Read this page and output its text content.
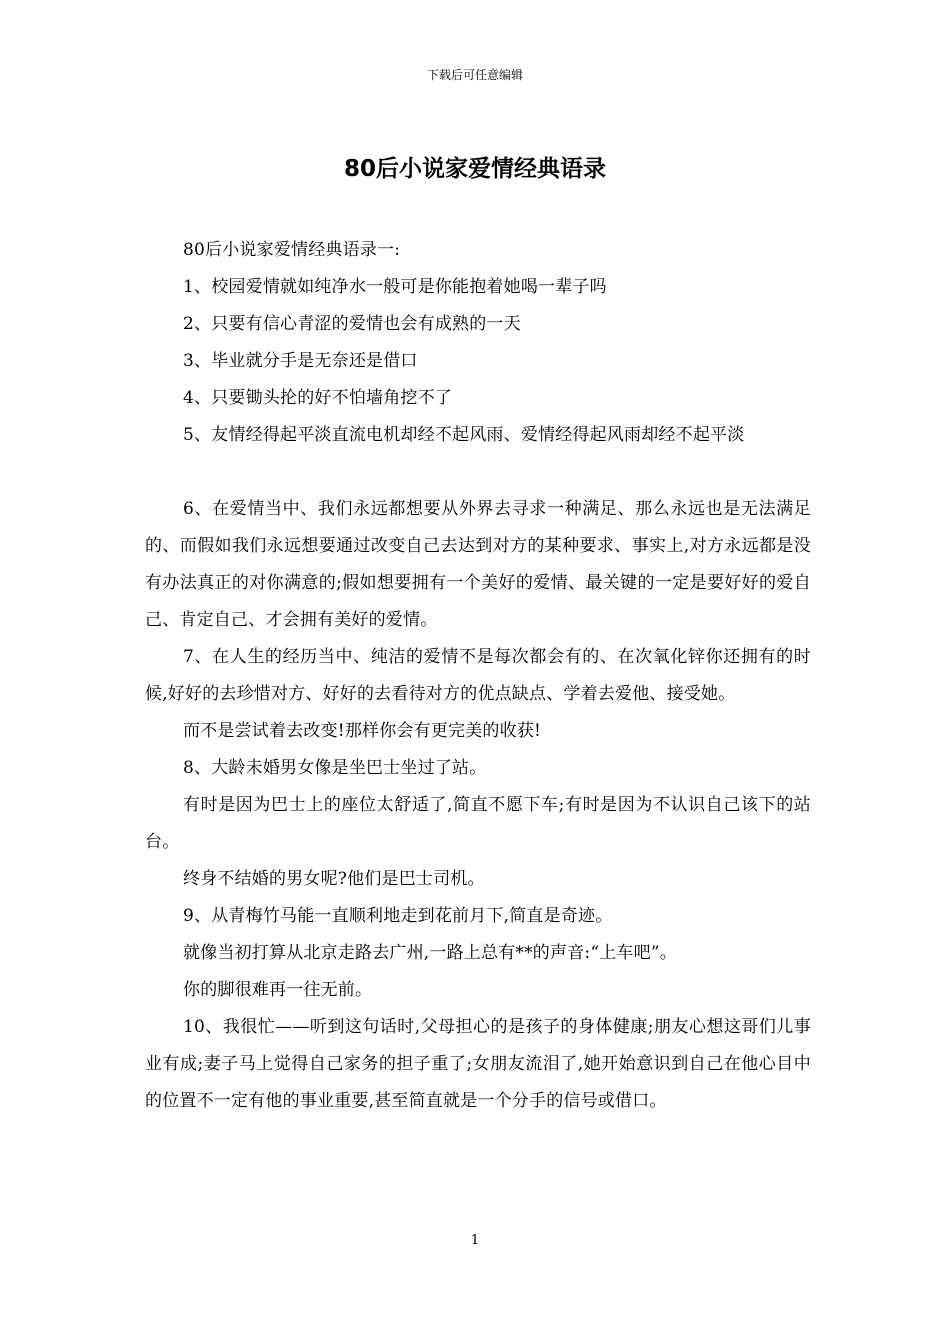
下载后可任意编辑
80后小说家爱情经典语录

80后小说家爱情经典语录一:

1、校园爱情就如纯净水一般可是你能抱着她喝一辈子吗

2、只要有信心青涩的爱情也会有成熟的一天

3、毕业就分手是无奈还是借口

4、只要锄头抡的好不怕墙角挖不了

5、友情经得起平淡直流电机却经不起风雨、爱情经得起风雨却经不起平淡

6、在爱情当中、我们永远都想要从外界去寻求一种满足、那么永远也是无法满足的、而假如我们永远想要通过改变自己去达到对方的某种要求、事实上,对方永远都是没有办法真正的对你满意的;假如想要拥有一个美好的爱情、最关键的一定是要好好的爱自己、肯定自己、才会拥有美好的爱情。

7、在人生的经历当中、纯洁的爱情不是每次都会有的、在次氧化锌你还拥有的时候,好好的去珍惜对方、好好的去看待对方的优点缺点、学着去爱他、接受她。

而不是尝试着去改变!那样你会有更完美的收获!

8、大龄未婚男女像是坐巴士坐过了站。

有时是因为巴士上的座位太舒适了,简直不愿下车;有时是因为不认识自己该下的站台。

终身不结婚的男女呢?他们是巴士司机。

9、从青梅竹马能一直顺利地走到花前月下,简直是奇迹。

就像当初打算从北京走路去广州,一路上总有**的声音:“上车吧”。

你的脚很难再一往无前。

10、我很忙——听到这句话时,父母担心的是孩子的身体健康;朋友心想这哥们儿事业有成;妻子马上觉得自己家务的担子重了;女朋友流泪了,她开始意识到自己在他心目中的位置不一定有他的事业重要,甚至简直就是一个分手的信号或借口。

1
